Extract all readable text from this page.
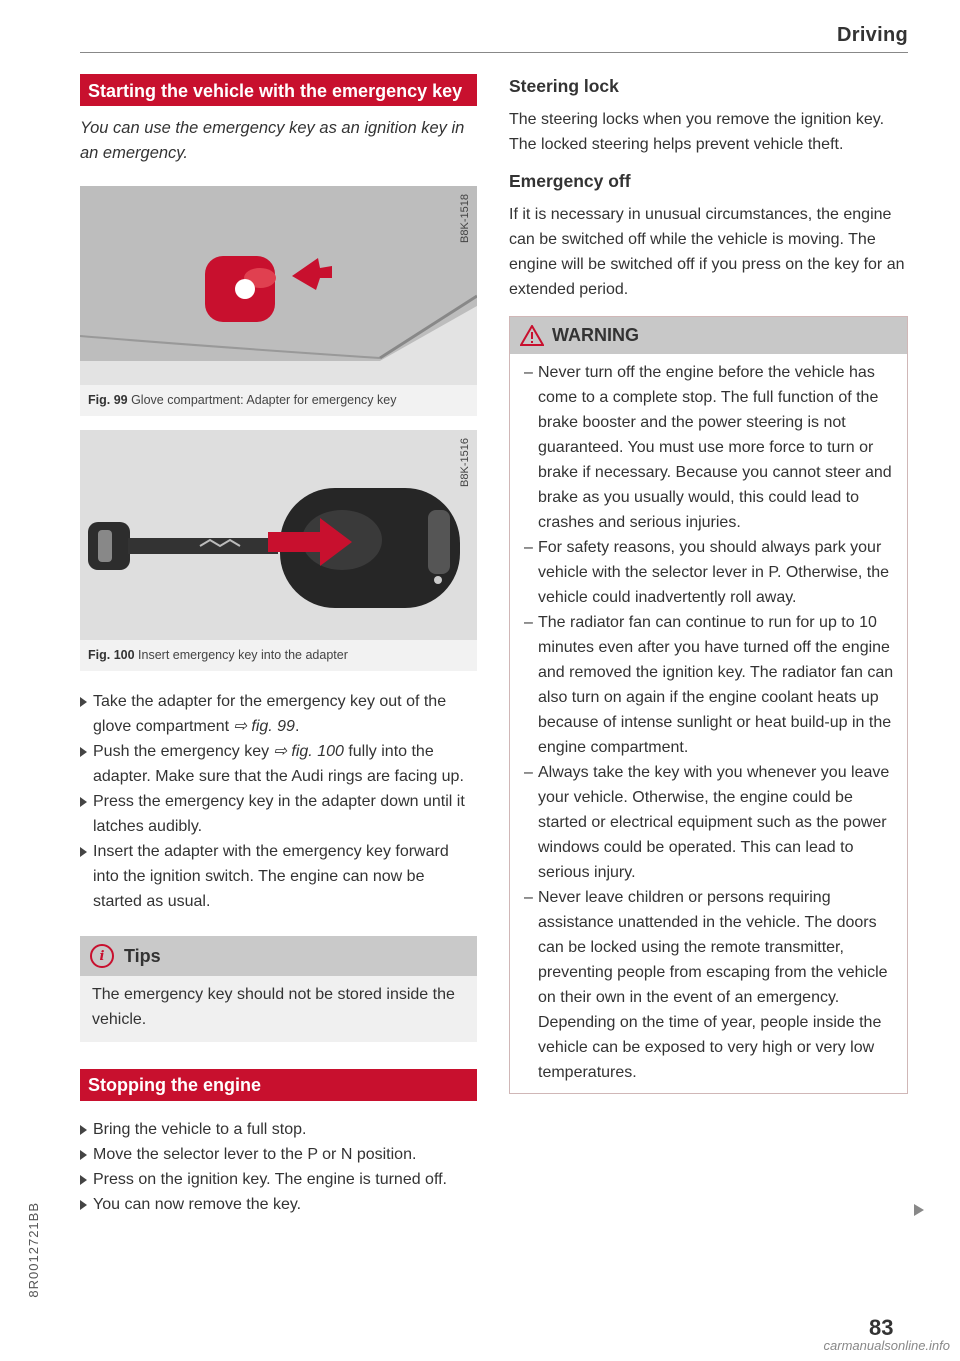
Driving
Starting the vehicle with the emergency key
You can use the emergency key as an ignition key in an emergency.
B8K-1518
Fig. 99 Glove compartment: Adapter for emergency key
B8K-1516
Fig. 100 Insert emergency key into the adapter
Take the adapter for the emergency key out of the glove compartment ⇨ fig. 99.
Push the emergency key ⇨ fig. 100 fully into the adapter. Make sure that the Audi rings are facing up.
Press the emergency key in the adapter down until it latches audibly.
Insert the adapter with the emergency key forward into the ignition switch. The engine can now be started as usual.
i	Tips
The emergency key should not be stored inside the vehicle.
Stopping the engine
Bring the vehicle to a full stop.
Move the selector lever to the P or N position.
Press on the ignition key. The engine is turned off.
You can now remove the key.
Steering lock

The steering locks when you remove the ignition key. The locked steering helps prevent vehicle theft.

Emergency off

If it is necessary in unusual circumstances, the engine can be switched off while the vehicle is moving. The engine will be switched off if you press on the key for an extended period.

WARNING
– Never turn off the engine before the vehicle has come to a complete stop. The full function of the brake booster and the power steering is not guaranteed. You must use more force to turn or brake if necessary. Because you cannot steer and brake as you usually would, this could lead to crashes and serious injuries.
– For safety reasons, you should always park your vehicle with the selector lever in P. Otherwise, the vehicle could inadvertently roll away.
– The radiator fan can continue to run for up to 10 minutes even after you have turned off the engine and removed the ignition key. The radiator fan can also turn on again if the engine coolant heats up because of intense sunlight or heat build-up in the engine compartment.
– Always take the key with you whenever you leave your vehicle. Otherwise, the engine could be started or electrical equipment such as the power windows could be operated. This can lead to serious injury.
– Never leave children or persons requiring assistance unattended in the vehicle. The doors can be locked using the remote transmitter, preventing people from escaping from the vehicle on their own in the event of an emergency. Depending on the time of year, people inside the vehicle can be exposed to very high or very low temperatures.
83
8R0012721BB
carmanualsonline.info
